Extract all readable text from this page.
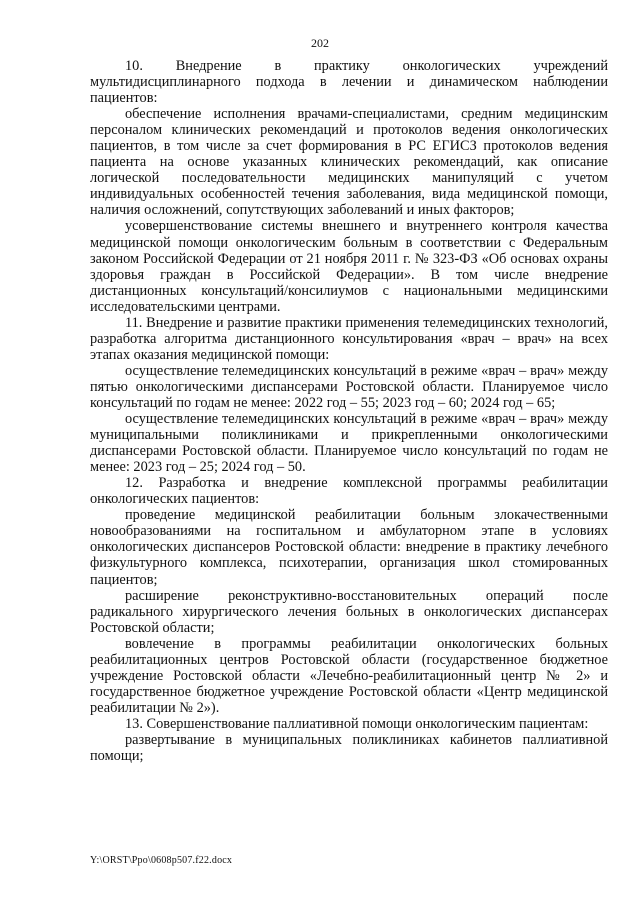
202

10. Внедрение в практику онкологических учреждений мультидисциплинарного подхода в лечении и динамическом наблюдении пациентов:

обеспечение исполнения врачами-специалистами, средним медицинским персоналом клинических рекомендаций и протоколов ведения онкологических пациентов, в том числе за счет формирования в РС ЕГИСЗ протоколов ведения пациента на основе указанных клинических рекомендаций, как описание логической последовательности медицинских манипуляций с учетом индивидуальных особенностей течения заболевания, вида медицинской помощи, наличия осложнений, сопутствующих заболеваний и иных факторов;

усовершенствование системы внешнего и внутреннего контроля качества медицинской помощи онкологическим больным в соответствии с Федеральным законом Российской Федерации от 21 ноября 2011 г. № 323-ФЗ «Об основах охраны здоровья граждан в Российской Федерации». В том числе внедрение дистанционных консультаций/консилиумов с национальными медицинскими исследовательскими центрами.

11. Внедрение и развитие практики применения телемедицинских технологий, разработка алгоритма дистанционного консультирования «врач – врач» на всех этапах оказания медицинской помощи:

осуществление телемедицинских консультаций в режиме «врач – врач» между пятью онкологическими диспансерами Ростовской области. Планируемое число консультаций по годам не менее: 2022 год – 55; 2023 год – 60; 2024 год – 65;

осуществление телемедицинских консультаций в режиме «врач – врач» между муниципальными поликлиниками и прикрепленными онкологическими диспансерами Ростовской области. Планируемое число консультаций по годам не менее: 2023 год – 25; 2024 год – 50.

12. Разработка и внедрение комплексной программы реабилитации онкологических пациентов:

проведение медицинской реабилитации больным злокачественными новообразованиями на госпитальном и амбулаторном этапе в условиях онкологических диспансеров Ростовской области: внедрение в практику лечебного физкультурного комплекса, психотерапии, организация школ стомированных пациентов;

расширение реконструктивно-восстановительных операций после радикального хирургического лечения больных в онкологических диспансерах Ростовской области;

вовлечение в программы реабилитации онкологических больных реабилитационных центров Ростовской области (государственное бюджетное учреждение Ростовской области «Лечебно-реабилитационный центр № 2» и государственное бюджетное учреждение Ростовской области «Центр медицинской реабилитации № 2»).

13. Совершенствование паллиативной помощи онкологическим пациентам:

развертывание в муниципальных поликлиниках кабинетов паллиативной помощи;

Y:\ORST\Ppo\0608p507.f22.docx
